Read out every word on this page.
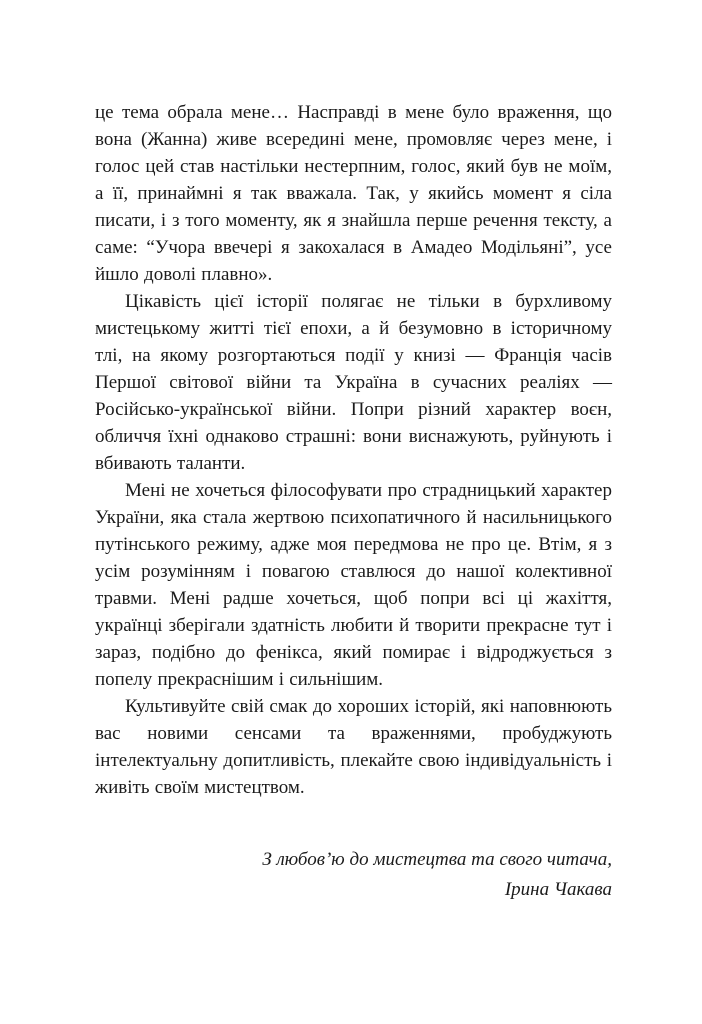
це тема обрала мене… Насправді в мене було враження, що вона (Жанна) живе всередині мене, промовляє через мене, і голос цей став настільки нестерпним, голос, який був не моїм, а її, принаймні я так вважала. Так, у якийсь момент я сіла писати, і з того моменту, як я знайшла перше речення тексту, а саме: “Учора ввечері я закохалася в Амадео Модільяні”, усе йшло доволі плавно».

Цікавість цієї історії полягає не тільки в бурхливому мистецькому житті тієї епохи, а й безумовно в історичному тлі, на якому розгортаються події у книзі — Франція часів Першої світової війни та Україна в сучасних реаліях — Російсько-української війни. Попри різний характер воєн, обличчя їхні однаково страшні: вони виснажують, руйнують і вбивають таланти.

Мені не хочеться філософувати про страдницький характер України, яка стала жертвою психопатичного й насильницького путінського режиму, адже моя передмова не про це. Втім, я з усім розумінням і повагою ставлюся до нашої колективної травми. Мені радше хочеться, щоб попри всі ці жахіття, українці зберігали здатність любити й творити прекрасне тут і зараз, подібно до фенікса, який помирає і відроджується з попелу прекраснішим і сильнішим.

Культивуйте свій смак до хороших історій, які наповнюють вас новими сенсами та враженнями, пробуджують інтелектуальну допитливість, плекайте свою індивідуальність і живіть своїм мистецтвом.

З любов’ю до мистецтва та свого читача,

Ірина Чакава
